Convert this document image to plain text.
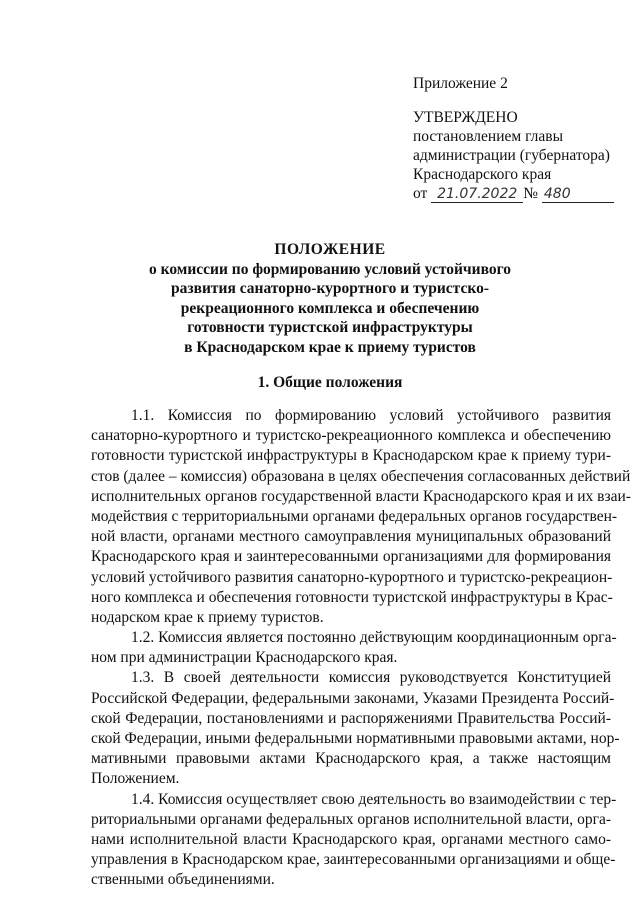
Приложение 2
УТВЕРЖДЕНО
постановлением главы
администрации (губернатора)
Краснодарского края
от 21.07.2022 № 480
ПОЛОЖЕНИЕ
о комиссии по формированию условий устойчивого
развития санаторно-курортного и туристско-
рекреационного комплекса и обеспечению
готовности туристской инфраструктуры
в Краснодарском крае к приему туристов
1. Общие положения
1.1. Комиссия по формированию условий устойчивого развития
санаторно-курортного и туристско-рекреационного комплекса и обеспечению
готовности туристской инфраструктуры в Краснодарском крае к приему тури-
стов (далее – комиссия) образована в целях обеспечения согласованных действий
исполнительных органов государственной власти Краснодарского края и их взаи-
модействия с территориальными органами федеральных органов государствен-
ной власти, органами местного самоуправления муниципальных образований
Краснодарского края и заинтересованными организациями для формирования
условий устойчивого развития санаторно-курортного и туристско-рекреацион-
ного комплекса и обеспечения готовности туристской инфраструктуры в Крас-
нодарском крае к приему туристов.
1.2. Комиссия является постоянно действующим координационным орга-
ном при администрации Краснодарского края.
1.3. В своей деятельности комиссия руководствуется Конституцией
Российской Федерации, федеральными законами, Указами Президента Россий-
ской Федерации, постановлениями и распоряжениями Правительства Россий-
ской Федерации, иными федеральными нормативными правовыми актами, нор-
мативными правовыми актами Краснодарского края, а также настоящим
Положением.
1.4. Комиссия осуществляет свою деятельность во взаимодействии с тер-
риториальными органами федеральных органов исполнительной власти, орга-
нами исполнительной власти Краснодарского края, органами местного само-
управления в Краснодарском крае, заинтересованными организациями и обще-
ственными объединениями.
